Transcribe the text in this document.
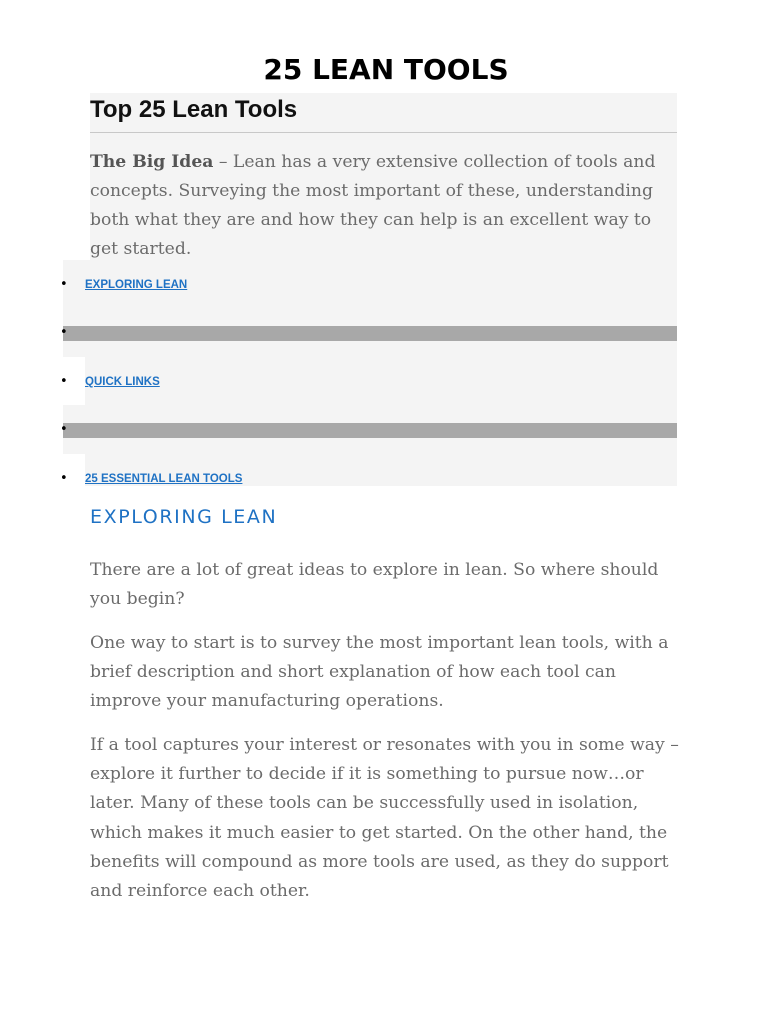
25 LEAN TOOLS
Top 25 Lean Tools

The Big Idea – Lean has a very extensive collection of tools and concepts. Surveying the most important of these, understanding both what they are and how they can help is an excellent way to get started.

• EXPLORING LEAN
•
• QUICK LINKS
•
• 25 ESSENTIAL LEAN TOOLS
EXPLORING LEAN

There are a lot of great ideas to explore in lean. So where should you begin?

One way to start is to survey the most important lean tools, with a brief description and short explanation of how each tool can improve your manufacturing operations.

If a tool captures your interest or resonates with you in some way – explore it further to decide if it is something to pursue now…or later. Many of these tools can be successfully used in isolation, which makes it much easier to get started. On the other hand, the benefits will compound as more tools are used, as they do support and reinforce each other.
